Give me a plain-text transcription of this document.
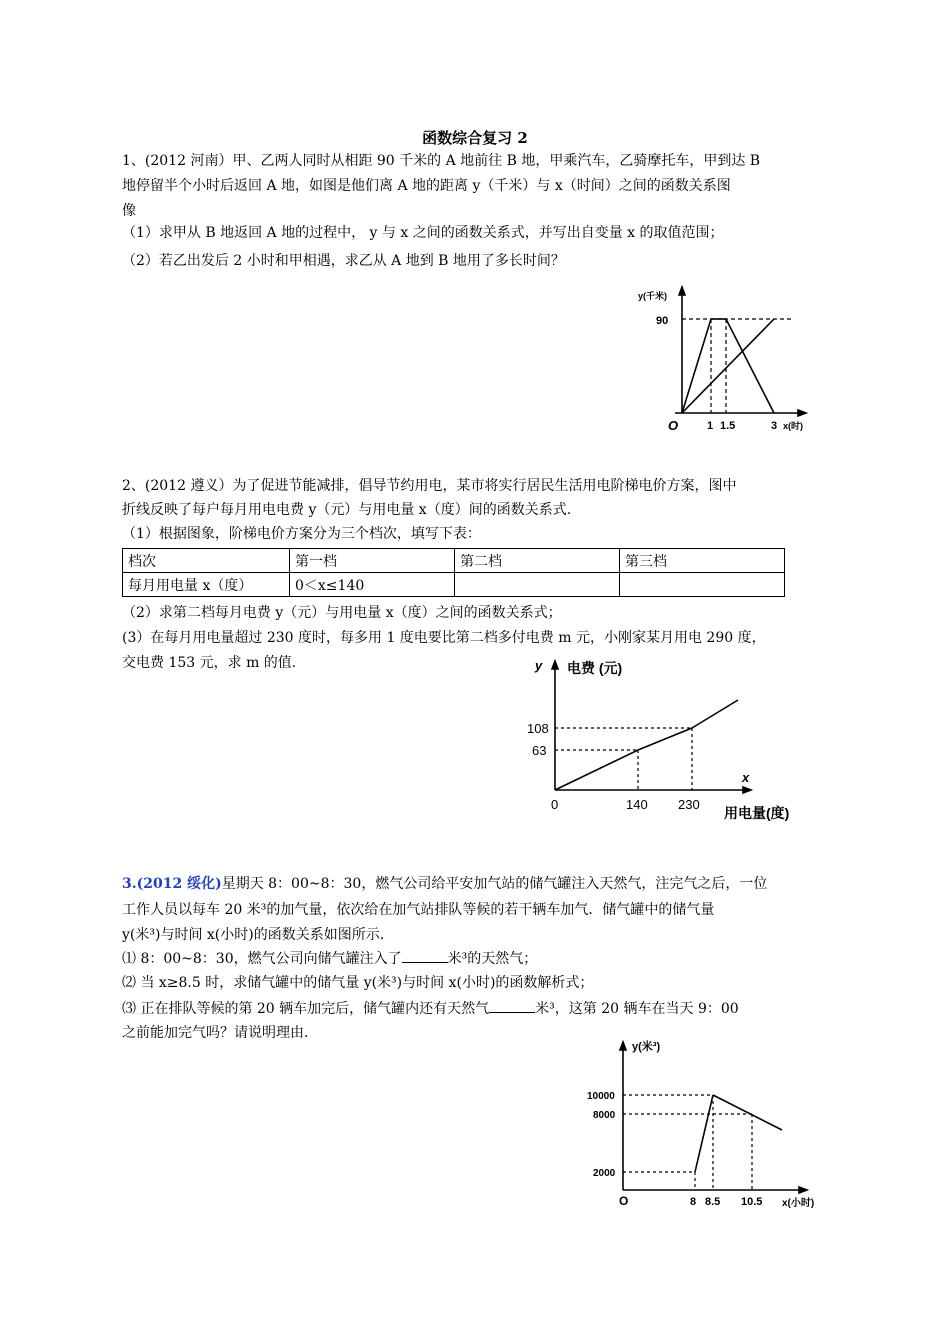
函数综合复习 2
1、(2012 河南）甲、乙两人同时从相距 90 千米的 A 地前往 B 地，甲乘汽车，乙骑摩托车，甲到达 B
地停留半个小时后返回 A 地，如图是他们离 A 地的距离 y（千米）与 x（时间）之间的函数关系图
像
（1）求甲从 B 地返回 A 地的过程中， y 与 x 之间的函数关系式，并写出自变量 x 的取值范围；
（2）若乙出发后 2 小时和甲相遇，求乙从 A 地到 B 地用了多长时间？
y(千米)
90
O	1 1.5	3 x(时)
2、(2012 遵义）为了促进节能减排，倡导节约用电，某市将实行居民生活用电阶梯电价方案，图中
折线反映了每户每月用电电费 y（元）与用电量 x（度）间的函数关系式.
（1）根据图象，阶梯电价方案分为三个档次，填写下表：
档次	第一档	第二档	第三档
每月用电量 x（度）	0＜x≤140		
（2）求第二档每月电费 y（元）与用电量 x（度）之间的函数关系式；
(3）在每月用电量超过 230 度时，每多用 1 度电要比第二档多付电费 m 元，小刚家某月用电 290 度，
交电费 153 元，求 m 的值.	y 电费 (元)
108
63
0	140 230
x
用电量(度)
3.(2012 绥化)星期天 8：00~8：30，燃气公司给平安加气站的储气罐注入天然气，注完气之后，一位
工作人员以每车 20 米³的加气量，依次给在加气站排队等候的若干辆车加气．储气罐中的储气量
y(米³)与时间 x(小时)的函数关系如图所示.
⑴ 8：00~8：30，燃气公司向储气罐注入了	米³的天然气；
⑵ 当 x≥8.5 时，求储气罐中的储气量 y(米³)与时间 x(小时)的函数解析式；
⑶ 正在排队等候的第 20 辆车加完后，储气罐内还有天然气	米³，这第 20 辆车在当天 9：00
之前能加完气吗？请说明理由.
y(米³)
10000
8000
2000
O	8 8.5 10.5 x(小时)
